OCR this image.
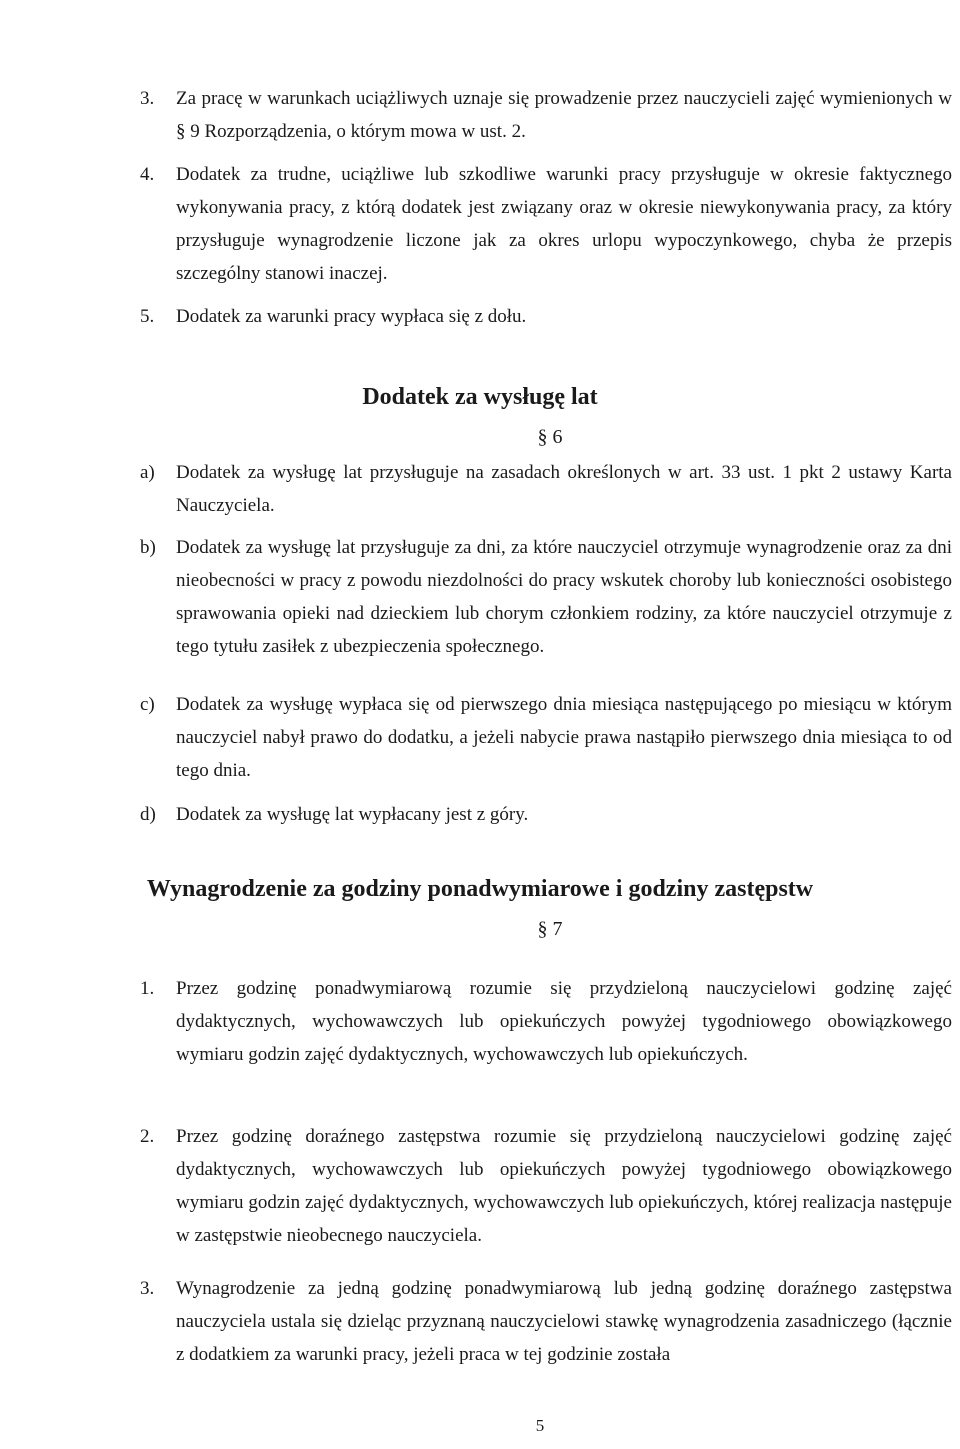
3. Za pracę w warunkach uciążliwych uznaje się prowadzenie przez nauczycieli zajęć wymienionych w § 9 Rozporządzenia, o którym mowa w ust. 2.
4. Dodatek za trudne, uciążliwe lub szkodliwe warunki pracy przysługuje w okresie faktycznego wykonywania pracy, z którą dodatek jest związany oraz w okresie niewykonywania pracy, za który przysługuje wynagrodzenie liczone jak za okres urlopu wypoczynkowego, chyba że przepis szczególny stanowi inaczej.
5. Dodatek za warunki pracy wypłaca się z dołu.
Dodatek za wysługę lat
§ 6
a) Dodatek za wysługę lat przysługuje na zasadach określonych w art. 33 ust. 1 pkt 2 ustawy Karta Nauczyciela.
b) Dodatek za wysługę lat przysługuje za dni, za które nauczyciel otrzymuje wynagrodzenie oraz za dni nieobecności w pracy z powodu niezdolności do pracy wskutek choroby lub konieczności osobistego sprawowania opieki nad dzieckiem lub chorym członkiem rodziny, za które nauczyciel otrzymuje z tego tytułu zasiłek z ubezpieczenia społecznego.
c) Dodatek za wysługę wypłaca się od pierwszego dnia miesiąca następującego po miesiącu w którym nauczyciel nabył prawo do dodatku, a jeżeli nabycie prawa nastąpiło pierwszego dnia miesiąca to od tego dnia.
d) Dodatek za wysługę lat wypłacany jest z góry.
Wynagrodzenie za godziny ponadwymiarowe i godziny zastępstw
§ 7
1. Przez godzinę ponadwymiarową rozumie się przydzieloną nauczycielowi godzinę zajęć dydaktycznych, wychowawczych lub opiekuńczych powyżej tygodniowego obowiązkowego wymiaru godzin zajęć dydaktycznych, wychowawczych lub opiekuńczych.
2. Przez godzinę doraźnego zastępstwa rozumie się przydzieloną nauczycielowi godzinę zajęć dydaktycznych, wychowawczych lub opiekuńczych powyżej tygodniowego obowiązkowego wymiaru godzin zajęć dydaktycznych, wychowawczych lub opiekuńczych, której realizacja następuje w zastępstwie nieobecnego nauczyciela.
3. Wynagrodzenie za jedną godzinę ponadwymiarową lub jedną godzinę doraźnego zastępstwa nauczyciela ustala się dzieląc przyznaną nauczycielowi stawkę wynagrodzenia zasadniczego (łącznie z dodatkiem za warunki pracy, jeżeli praca w tej godzinie została
5
